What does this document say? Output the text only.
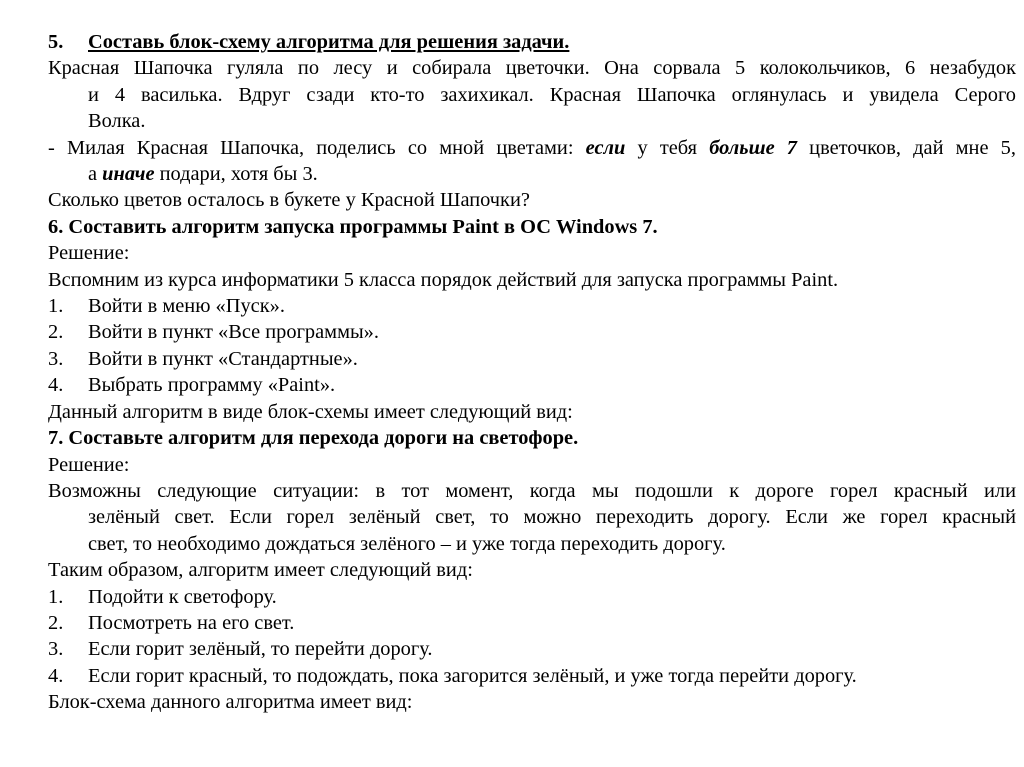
5.	Составь блок-схему алгоритма для решения задачи.
Красная Шапочка гуляла по лесу и собирала цветочки. Она сорвала 5 колокольчиков, 6 незабудок
и 4 василька. Вдруг сзади кто-то захихикал. Красная Шапочка оглянулась и увидела Серого
Волка.
- Милая Красная Шапочка, поделись со мной цветами: если у тебя больше 7 цветочков, дай мне 5,
а иначе подари, хотя бы 3.
Сколько цветов осталось в букете у Красной Шапочки?
6. Составить алгоритм запуска программы Paint в ОС Windows 7.
Решение:
Вспомним из курса информатики 5 класса порядок действий для запуска программы Paint.
1.	Войти в меню «Пуск».
2.	Войти в пункт «Все программы».
3.	Войти в пункт «Стандартные».
4.	Выбрать программу «Paint».
Данный алгоритм в виде блок-схемы имеет следующий вид:
7. Составьте алгоритм для перехода дороги на светофоре.
Решение:
Возможны следующие ситуации: в тот момент, когда мы подошли к дороге горел красный или
зелёный свет. Если горел зелёный свет, то можно переходить дорогу. Если же горел красный
свет, то необходимо дождаться зелёного – и уже тогда переходить дорогу.
Таким образом, алгоритм имеет следующий вид:
1.	Подойти к светофору.
2.	Посмотреть на его свет.
3.	Если горит зелёный, то перейти дорогу.
4.	Если горит красный, то подождать, пока загорится зелёный, и уже тогда перейти дорогу.
Блок-схема данного алгоритма имеет вид:
